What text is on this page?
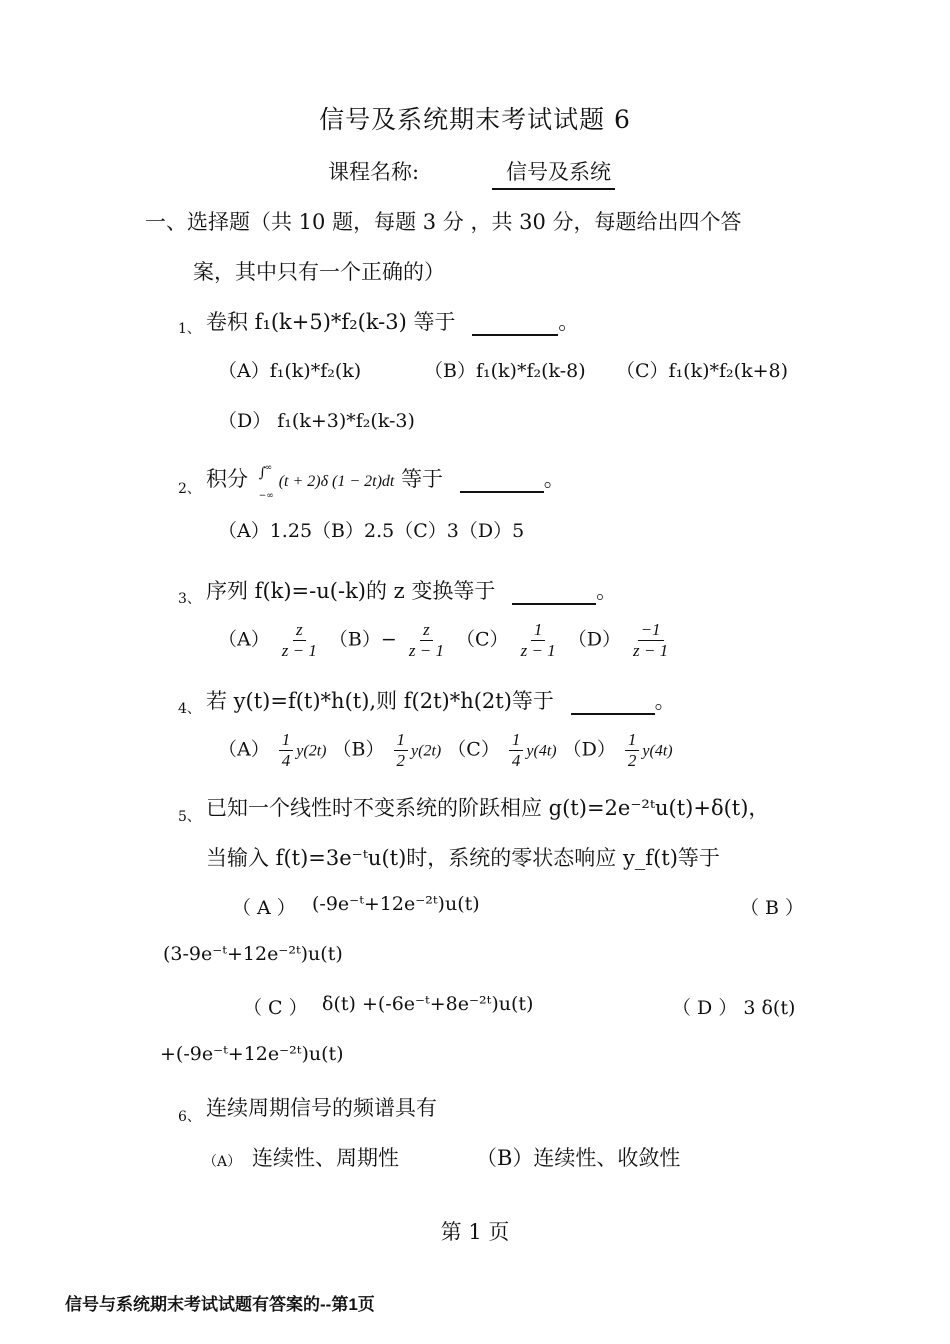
信号及系统期末考试试题 6
课程名称:	信号及系统
一、选择题（共 10 题，每题 3 分 ，共 30 分，每题给出四个答
案，其中只有一个正确的）
1、 卷积 f₁(k+5)*f₂(k-3) 等于	。
（A）f₁(k)*f₂(k)	（B）f₁(k)*f₂(k-8) （C）f₁(k)*f₂(k+8)
（D） f₁(k+3)*f₂(k-3)
2、 积分 ∫
∞
−∞
(t + 2)δ (1 − 2t)dt 等于	。
（A）1.25（B）2.5（C）3（D）5
3、 序列 f(k)=-u(-k)的 z 变换等于	。
$(A) \frac{z}{z - 1} (B)- \frac{z}{z - 1} (C) \frac{1}{z - 1} (D) \frac{-1}{z - 1}$
4、 若 y(t)=f(t)*h(t),则 f(2t)*h(2t)等于	。
$(A) \frac{1}{4} y(2t)$ $(B) \frac{1}{2} y(2t)$ $(C) \frac{1}{4} y(4t)$ $(D) \frac{1}{2} y(4t)$
5、 已知一个线性时不变系统的阶跃相应 g(t)=2e⁻²ᵗu(t)+δ(t)，
当输入 f(t)=3e⁻ᵗu(t)时，系统的零状态响应 y_f(t)等于
（ A ） (-9e⁻ᵗ+12e⁻²ᵗ)u(t)	（ B ）
(3-9e⁻ᵗ+12e⁻²ᵗ)u(t)
（ C ） δ(t) +(-6e⁻ᵗ+8e⁻²ᵗ)u(t)	（ D ） 3 δ(t)
+(-9e⁻ᵗ+12e⁻²ᵗ)u(t)
6、 连续周期信号的频谱具有
（A） 连续性、周期性	（B）连续性、收敛性
第 1 页
信号与系统期末考试试题有答案的--第1页
